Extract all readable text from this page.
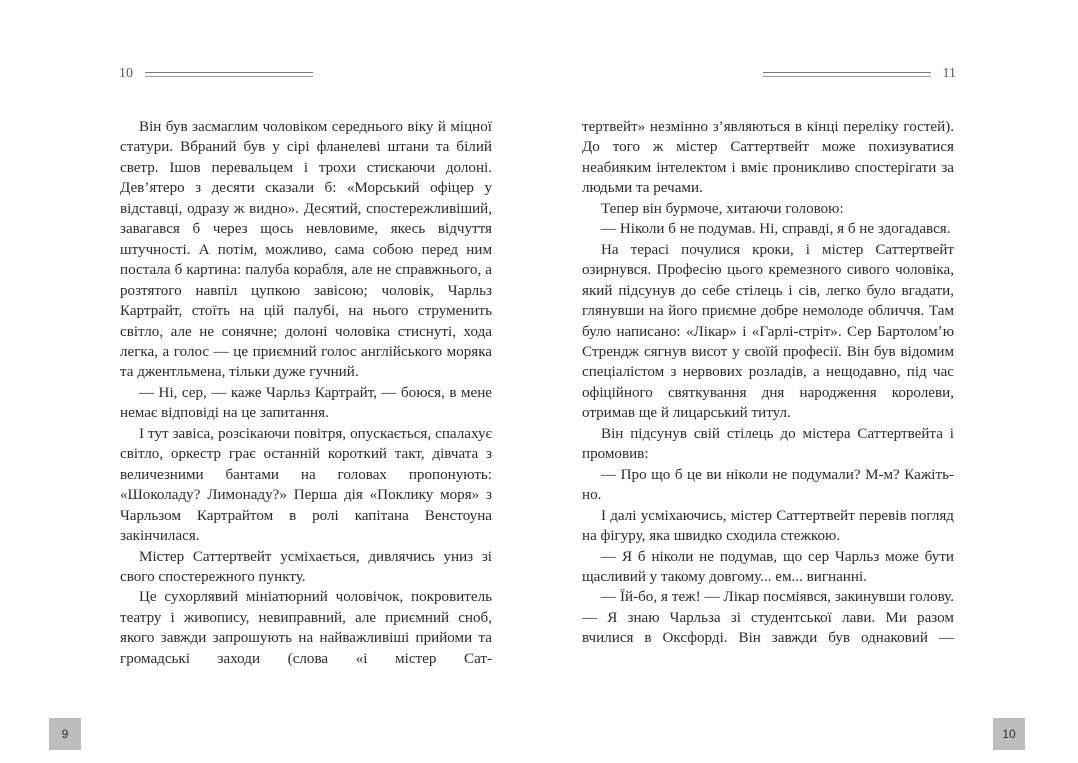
10

Він був засмаглим чоловіком середнього віку й міцної статури. Вбраний був у сірі фланелеві штани та білий светр. Ішов перевальцем і трохи стискаючи долоні. Дев’ятеро з десяти сказали б: «Морський офіцер у відставці, одразу ж видно». Десятий, спостережливіший, завагався б через щось невловиме, якесь відчуття штучності. А потім, можливо, сама собою перед ним постала б картина: палуба корабля, але не справжнього, а розтятого навпіл цупкою завісою; чоловік, Чарльз Картрайт, стоїть на цій палубі, на нього струменить світло, але не сонячне; долоні чоловіка стиснуті, хода легка, а голос — це приємний голос англійського моряка та джентльмена, тільки дуже гучний.

— Ні, сер, — каже Чарльз Картрайт, — боюся, в мене немає відповіді на це запитання.

І тут завіса, розсікаючи повітря, опускається, спалахує світло, оркестр грає останній короткий такт, дівчата з величезними бантами на головах пропонують: «Шоколаду? Лимонаду?» Перша дія «Поклику моря» з Чарльзом Картрайтом в ролі капітана Венстоуна закінчилася.

Містер Саттертвейт усміхається, дивлячись униз зі свого спостережного пункту.

Це сухорлявий мініатюрний чоловічок, покровитель театру і живопису, невиправний, але приємний сноб, якого завжди запрошують на найважливіші прийоми та громадські заходи (слова «і містер Сат-

9
11

тертвейт» незмінно з’являються в кінці переліку гостей). До того ж містер Саттертвейт може похизуватися неабияким інтелектом і вміє проникливо спостерігати за людьми та речами.

Тепер він бурмоче, хитаючи головою:

— Ніколи б не подумав. Ні, справді, я б не здогадався.

На терасі почулися кроки, і містер Саттертвейт озирнувся. Професію цього кремезного сивого чоловіка, який підсунув до себе стілець і сів, легко було вгадати, глянувши на його приємне добре немолоде обличчя. Там було написано: «Лікар» і «Гарлі-стріт». Сер Бартоломʼю Стрендж сягнув висот у своїй професії. Він був відомим спеціалістом з нервових розладів, а нещодавно, під час офіційного святкування дня народження королеви, отримав ще й лицарський титул.

Він підсунув свій стілець до містера Саттертвейта і промовив:

— Про що б це ви ніколи не подумали? М-м? Кажіть-но.

І далі усміхаючись, містер Саттертвейт перевів погляд на фігуру, яка швидко сходила стежкою.

— Я б ніколи не подумав, що сер Чарльз може бути щасливий у такому довгому... ем... вигнанні.

— Їй-бо, я теж! — Лікар посміявся, закинувши голову. — Я знаю Чарльза зі студентської лави. Ми разом вчилися в Оксфорді. Він завжди був однаковий —

10
